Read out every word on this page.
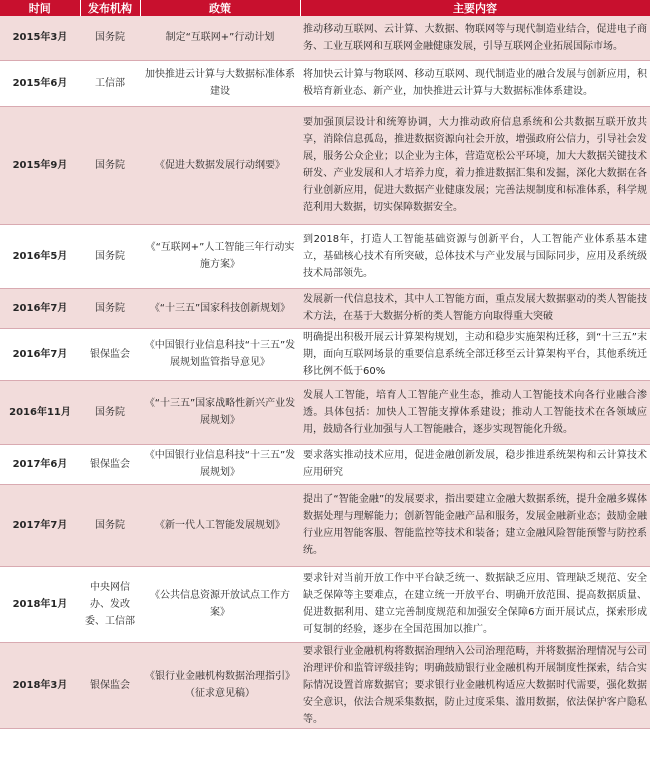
时间	发布机构	政策	主要内容
2015年3月	国务院	制定“互联网+”行动计划	推动移动互联网、云计算、大数据、物联网等与现代制造业结合，促进电子商务、工业互联网和互联网金融健康发展，引导互联网企业拓展国际市场。
2015年6月	工信部	加快推进云计算与大数据标准体系建设	将加快云计算与物联网、移动互联网、现代制造业的融合发展与创新应用，积极培育新业态、新产业，加快推进云计算与大数据标准体系建设。
2015年9月	国务院	《促进大数据发展行动纲要》	要加强顶层设计和统筹协调，大力推动政府信息系统和公共数据互联开放共享，消除信息孤岛，推进数据资源向社会开放，增强政府公信力，引导社会发展，服务公众企业；以企业为主体，营造宽松公平环境，加大大数据关键技术研发、产业发展和人才培养力度，着力推进数据汇集和发掘，深化大数据在各行业创新应用，促进大数据产业健康发展；完善法规制度和标准体系，科学规范利用大数据，切实保障数据安全。
2016年5月	国务院	《“互联网+”人工智能三年行动实施方案》	到2018年，打造人工智能基础资源与创新平台，人工智能产业体系基本建立，基础核心技术有所突破，总体技术与产业发展与国际同步，应用及系统级技术局部领先。
2016年7月	国务院	《“十三五”国家科技创新规划》	发展新一代信息技术，其中人工智能方面，重点发展大数据驱动的类人智能技术方法，在基于大数据分析的类人智能方向取得重大突破
2016年7月	银保监会	《中国银行业信息科技“十三五”发展规划监管指导意见》	明确提出积极开展云计算架构规划，主动和稳步实施架构迁移，到“十三五”末期，面向互联网场景的重要信息系统全部迁移至云计算架构平台，其他系统迁移比例不低于60%
2016年11月	国务院	《“十三五”国家战略性新兴产业发展规划》	发展人工智能，培育人工智能产业生态，推动人工智能技术向各行业融合渗透。具体包括：加快人工智能支撑体系建设；推动人工智能技术在各领域应用，鼓励各行业加强与人工智能融合，逐步实现智能化升级。
2017年6月	银保监会	《中国银行业信息科技“十三五”发展规划》	要求落实推动技术应用，促进金融创新发展，稳步推进系统架构和云计算技术应用研究
2017年7月	国务院	《新一代人工智能发展规划》	提出了“智能金融”的发展要求，指出要建立金融大数据系统，提升金融多媒体数据处理与理解能力；创新智能金融产品和服务，发展金融新业态；鼓励金融行业应用智能客服、智能监控等技术和装备；建立金融风险智能预警与防控系统。
2018年1月	中央网信办、发改委、工信部	《公共信息资源开放试点工作方案》	要求针对当前开放工作中平台缺乏统一、数据缺乏应用、管理缺乏规范、安全缺乏保障等主要难点，在建立统一开放平台、明确开放范围、提高数据质量、促进数据利用、建立完善制度规范和加强安全保障6方面开展试点，探索形成可复制的经验，逐步在全国范围加以推广。
2018年3月	银保监会	《银行业金融机构数据治理指引》（征求意见稿）	要求银行业金融机构将数据治理纳入公司治理范畴，并将数据治理情况与公司治理评价和监管评级挂钩；明确鼓励银行业金融机构开展制度性探索，结合实际情况设置首席数据官；要求银行业金融机构适应大数据时代需要，强化数据安全意识，依法合规采集数据，防止过度采集、滥用数据，依法保护客户隐私等。
